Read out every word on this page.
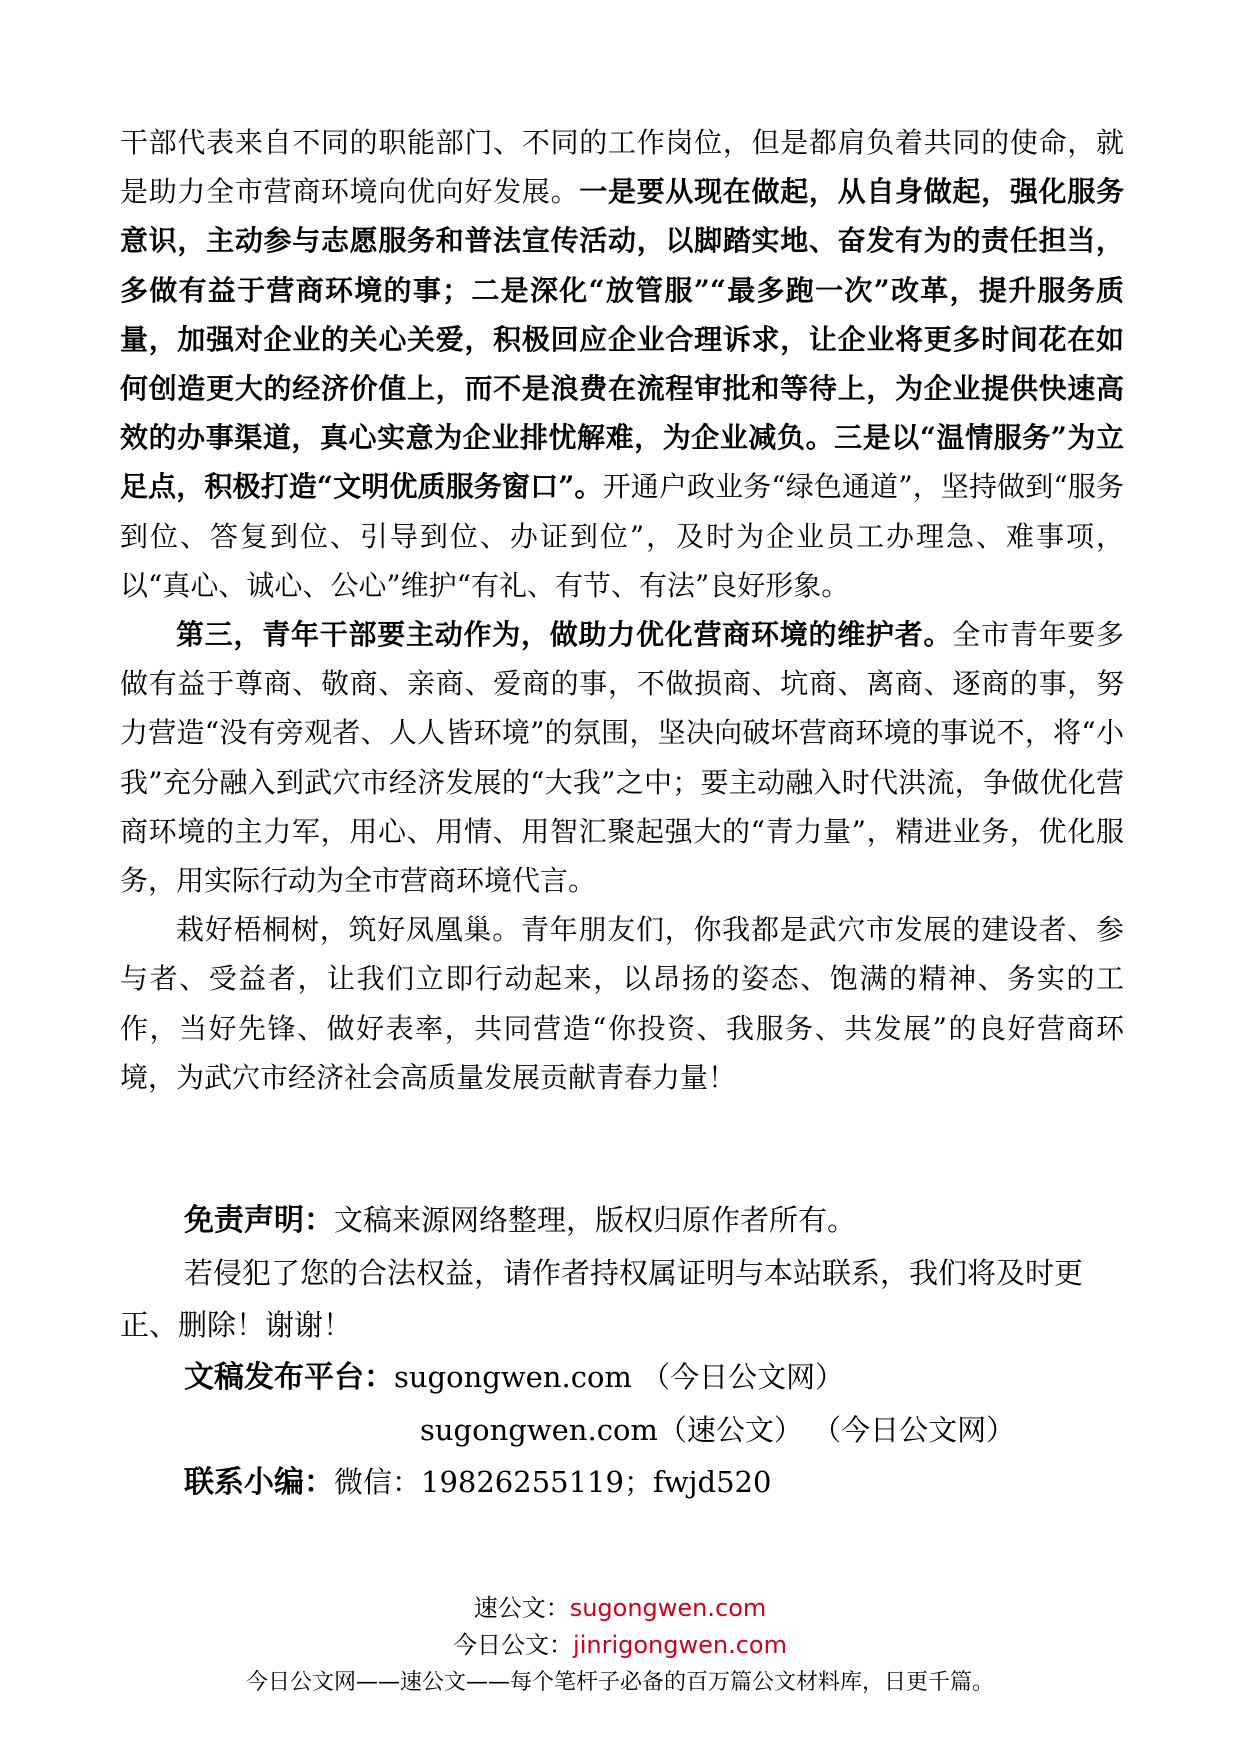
干部代表来自不同的职能部门、不同的工作岗位，但是都肩负着共同的使命，就是助力全市营商环境向优向好发展。一是要从现在做起，从自身做起，强化服务意识，主动参与志愿服务和普法宣传活动，以脚踏实地、奋发有为的责任担当，多做有益于营商环境的事；二是深化“放管服”“最多跑一次”改革，提升服务质量，加强对企业的关心关爱，积极回应企业合理诉求，让企业将更多时间花在如何创造更大的经济价值上，而不是浪费在流程审批和等待上，为企业提供快速高效的办事渠道，真心实意为企业排忧解难，为企业减负。三是以“温情服务”为立足点，积极打造“文明优质服务窗口”。开通户政业务“绿色通道”，坚持做到“服务到位、答复到位、引导到位、办证到位”，及时为企业员工办理急、难事项，以“真心、诚心、公心”维护“有礼、有节、有法”良好形象。

第三，青年干部要主动作为，做助力优化营商环境的维护者。全市青年要多做有益于尊商、敬商、亲商、爱商的事，不做损商、坑商、离商、逐商的事，努力营造“没有旁观者、人人皆环境”的氛围，坚决向破坏营商环境的事说不，将“小我”充分融入到武穴市经济发展的“大我”之中；要主动融入时代洪流，争做优化营商环境的主力军，用心、用情、用智汇聚起强大的“青力量”，精进业务，优化服务，用实际行动为全市营商环境代言。

栽好梧桐树，筑好凤凰巢。青年朋友们，你我都是武穴市发展的建设者、参与者、受益者，让我们立即行动起来，以昂扬的姿态、饱满的精神、务实的工作，当好先锋、做好表率，共同营造“你投资、我服务、共发展”的良好营商环境，为武穴市经济社会高质量发展贡献青春力量！

免责声明：文稿来源网络整理，版权归原作者所有。

若侵犯了您的合法权益，请作者持权属证明与本站联系，我们将及时更正、删除！谢谢！

文稿发布平台：sugongwen.com （今日公文网）

sugongwen.com（速公文） （今日公文网）

联系小编：微信：19826255119；fwjd520

速公文：sugongwen.com
今日公文：jinrigongwen.com
今日公文网——速公文——每个笔杆子必备的百万篇公文材料库，日更千篇。
